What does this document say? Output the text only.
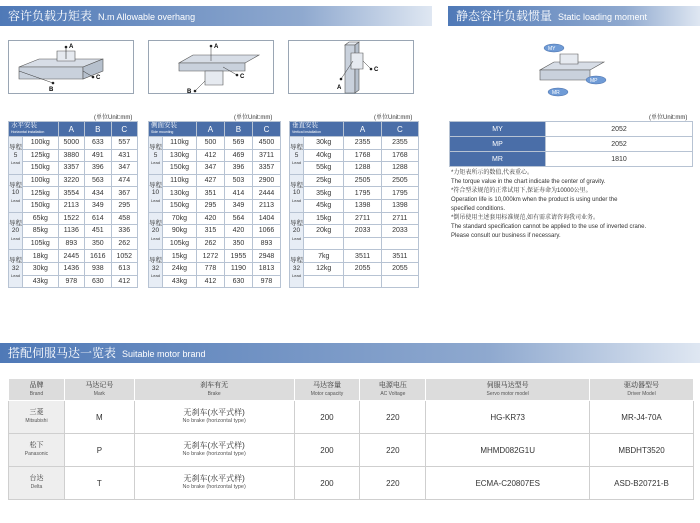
容许负载力矩表 N.m Allowable overhang	静态容许负载惯量 Static loading moment
搭配伺服马达一览表 Suitable motor brand
A
B
C
A
B
C
A
C
MY
MP
MR
(单位Unit:mm)	(单位Unit:mm)	(单位Unit:mm)	(单位Unit:mm)
水平安装
Horizontal installation		A	B	C
导程
5
Lead	100kg	5000	633	557
	125kg	3880	491	431
	150kg	3357	396	347
导程
10
Lead	100kg	3220	563	474
	125kg	3554	434	367
	150kg	2113	349	295
导程
20
Lead	65kg	1522	614	458
	85kg	1136	451	336
	105kg	893	350	262
导程
32
Lead	18kg	2445	1616	1052
	30kg	1436	938	613
	43kg	978	630	412
侧面安装
Side mounting		A	B	C
导程
5
Lead	110kg	500	569	4500
	130kg	412	469	3711
	150kg	347	396	3357
导程
10
Lead	110kg	427	503	2900
	130kg	351	414	2444
	150kg	295	349	2113
导程
20
Lead	70kg	420	564	1404
	90kg	315	420	1066
	105kg	262	350	893
导程
32
Lead	15kg	1272	1955	2948
	24kg	778	1190	1813
	43kg	412	630	978
垂直安装
Vertical installation		A	C
导程
5
Lead	30kg	2355	2355
	40kg	1768	1768
	55kg	1288	1288
导程
10
Lead	25kg	2505	2505
	35kg	1795	1795
	45kg	1398	1398
导程
20
Lead	15kg	2711	2711
	20kg	2033	2033

导程
32
Lead	7kg	3511	3511
	12kg	2055	2055

MY	2052
MP	2052
MR	1810
*力矩表所示的数值,代表重心。
The torque value in the chart indicate the center of gravity.
*符合型录规范的正常试用下,保证寿命为10000公里。
Operation life is 10,000km when the product is using under the
specified conditions.
*倒吊使用主述套用标准规范,如有需求请咨询我司业务。
The standard specification cannot be applied to the use of inverted crane.
Please consult our business if necessary.
品牌
Brand	马达记号
Mark	刹车有无
Brake	马达容量
Motor capacity	电源电压
AC Voltage	伺服马达型号
Servo motor model	驱动器型号
Driver Model

三菱
Mitsubishi	M	无刹车(水平式样)
No brake (horizontal type)	200	220	HG-KR73	MR-J4-70A
松下
Panasonic	P	无刹车(水平式样)
No brake (horizontal type)	200	220	MHMD082G1U	MBDHT3520
台达
Delta	T	无刹车(水平式样)
No brake (horizontal type)	200	220	ECMA-C20807ES	ASD-B20721-B
